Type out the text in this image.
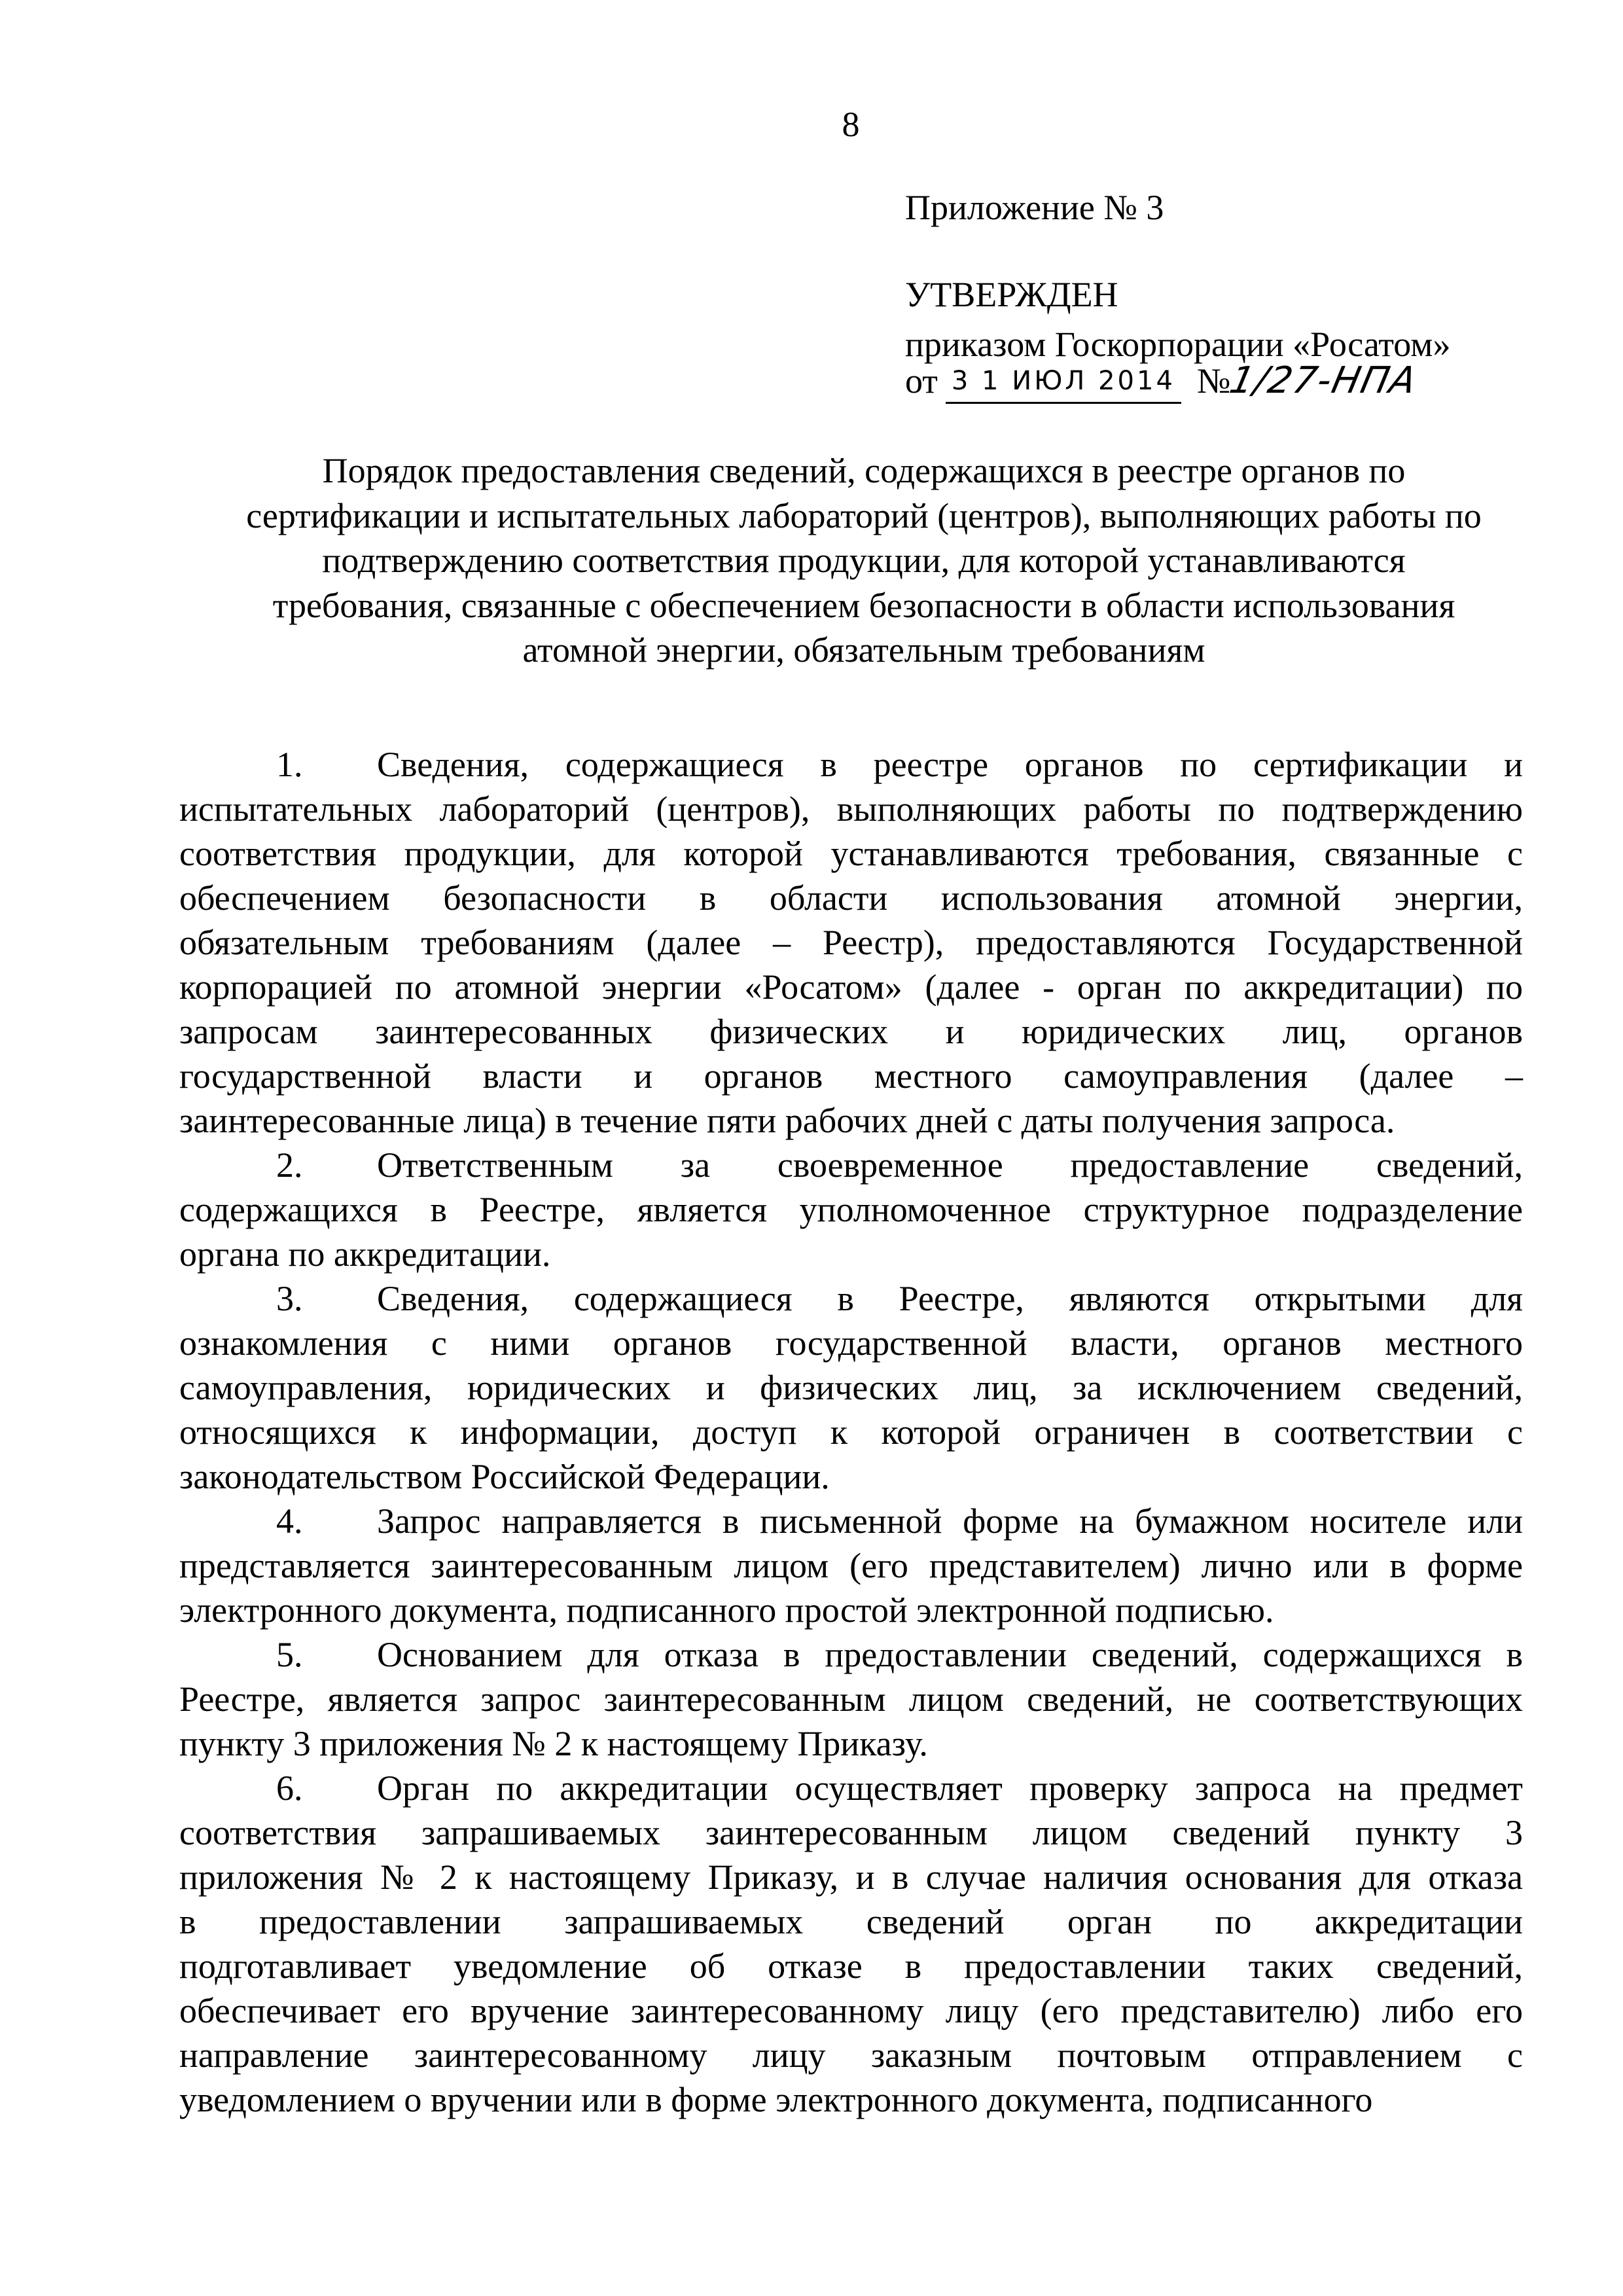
8
Приложение № 3
УТВЕРЖДЕН
приказом Госкорпорации «Росатом»
от 3 1 ИЮЛ 2014 №1/27-НПА
Порядок предоставления сведений, содержащихся в реестре органов по
сертификации и испытательных лабораторий (центров), выполняющих работы по
подтверждению соответствия продукции, для которой устанавливаются
требования, связанные с обеспечением безопасности в области использования
атомной энергии, обязательным требованиям
1. Сведения, содержащиеся в реестре органов по сертификации и
испытательных лабораторий (центров), выполняющих работы по подтверждению
соответствия продукции, для которой устанавливаются требования, связанные с
обеспечением безопасности в области использования атомной энергии,
обязательным требованиям (далее – Реестр), предоставляются Государственной
корпорацией по атомной энергии «Росатом» (далее - орган по аккредитации) по
запросам заинтересованных физических и юридических лиц, органов
государственной власти и органов местного самоуправления (далее –
заинтересованные лица) в течение пяти рабочих дней с даты получения запроса.
2. Ответственным за своевременное предоставление сведений,
содержащихся в Реестре, является уполномоченное структурное подразделение
органа по аккредитации.
3. Сведения, содержащиеся в Реестре, являются открытыми для
ознакомления с ними органов государственной власти, органов местного
самоуправления, юридических и физических лиц, за исключением сведений,
относящихся к информации, доступ к которой ограничен в соответствии с
законодательством Российской Федерации.
4. Запрос направляется в письменной форме на бумажном носителе или
представляется заинтересованным лицом (его представителем) лично или в форме
электронного документа, подписанного простой электронной подписью.
5. Основанием для отказа в предоставлении сведений, содержащихся в
Реестре, является запрос заинтересованным лицом сведений, не соответствующих
пункту 3 приложения № 2 к настоящему Приказу.
6. Орган по аккредитации осуществляет проверку запроса на предмет
соответствия запрашиваемых заинтересованным лицом сведений пункту 3
приложения № 2 к настоящему Приказу, и в случае наличия основания для отказа
в предоставлении запрашиваемых сведений орган по аккредитации
подготавливает уведомление об отказе в предоставлении таких сведений,
обеспечивает его вручение заинтересованному лицу (его представителю) либо его
направление заинтересованному лицу заказным почтовым отправлением с
уведомлением о вручении или в форме электронного документа, подписанного
